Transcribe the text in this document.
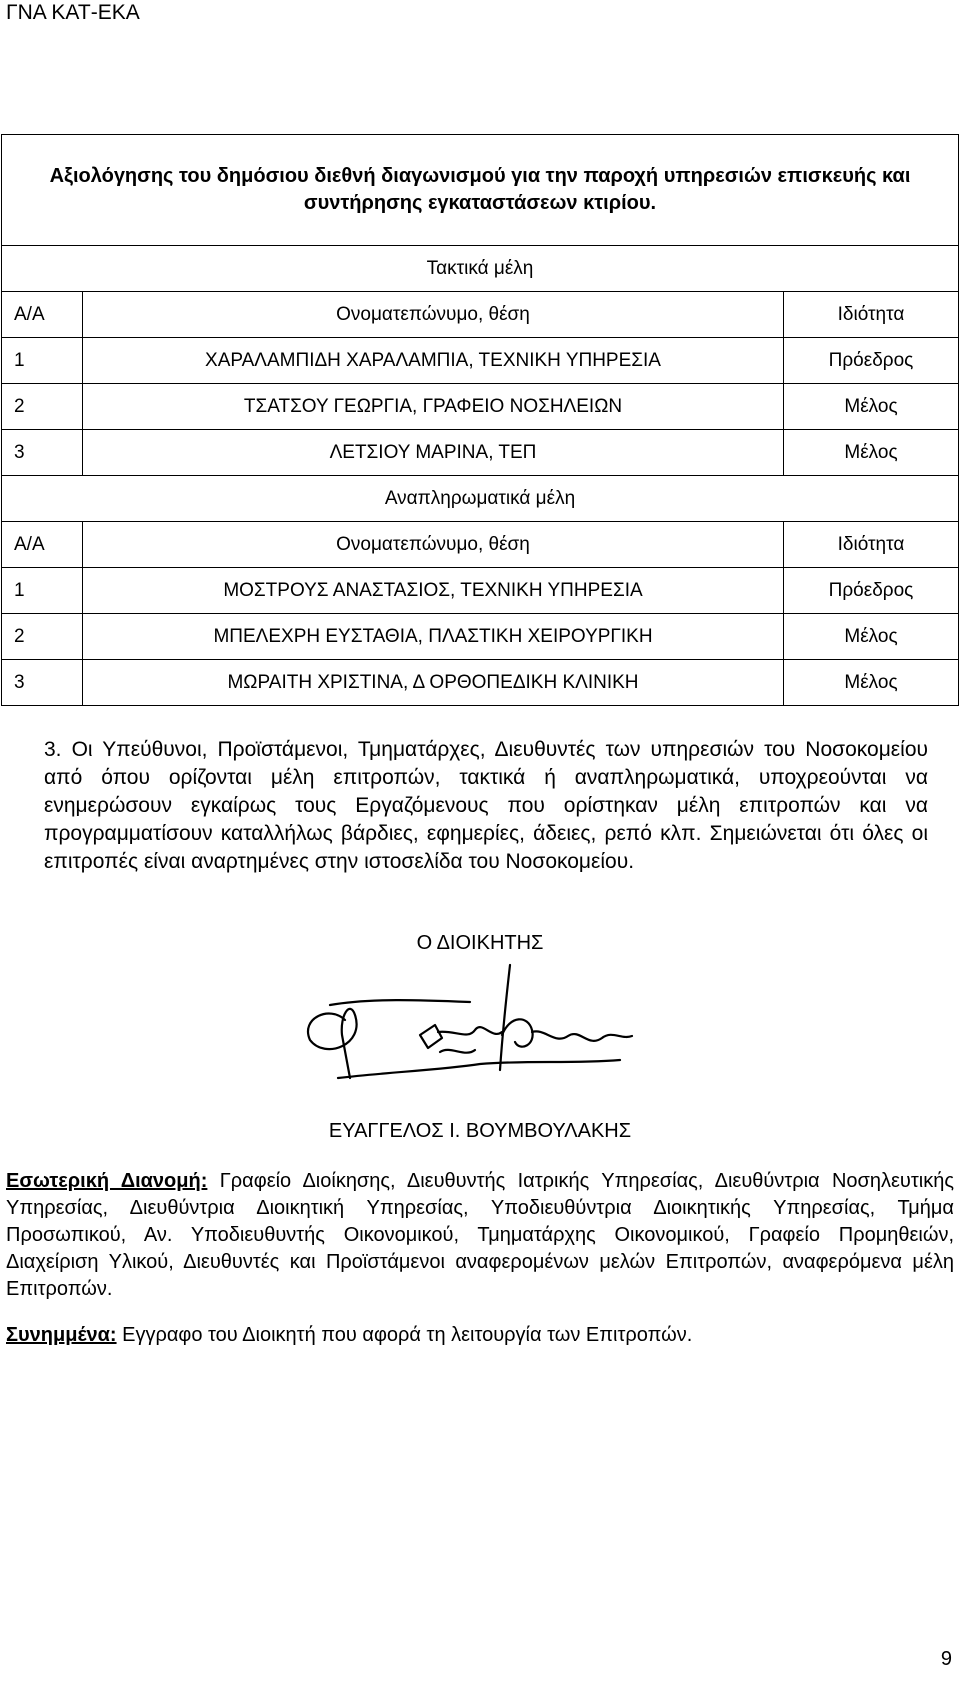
ΓΝΑ ΚΑΤ-ΕΚΑ
Αξιολόγησης του δημόσιου διεθνή διαγωνισμού για την παροχή υπηρεσιών επισκευής και συντήρησης εγκαταστάσεων κτιρίου.		
Τακτικά μέλη		
Α/Α	Ονοματεπώνυμο, θέση	Ιδιότητα
1	ΧΑΡΑΛΑΜΠΙΔΗ ΧΑΡΑΛΑΜΠΙΑ, ΤΕΧΝΙΚΗ ΥΠΗΡΕΣΙΑ	Πρόεδρος
2	ΤΣΑΤΣΟΥ ΓΕΩΡΓΙΑ, ΓΡΑΦΕΙΟ ΝΟΣΗΛΕΙΩΝ	Μέλος
3	ΛΕΤΣΙΟΥ ΜΑΡΙΝΑ, ΤΕΠ	Μέλος
Αναπληρωματικά μέλη		
Α/Α	Ονοματεπώνυμο, θέση	Ιδιότητα
1	ΜΟΣΤΡΟΥΣ ΑΝΑΣΤΑΣΙΟΣ, ΤΕΧΝΙΚΗ ΥΠΗΡΕΣΙΑ	Πρόεδρος
2	ΜΠΕΛΕΧΡΗ ΕΥΣΤΑΘΙΑ, ΠΛΑΣΤΙΚΗ ΧΕΙΡΟΥΡΓΙΚΗ	Μέλος
3	ΜΩΡΑΙΤΗ ΧΡΙΣΤΙΝΑ, Δ ΟΡΘΟΠΕΔΙΚΗ ΚΛΙΝΙΚΗ	Μέλος
3. Οι Υπεύθυνοι, Προϊστάμενοι, Τμηματάρχες, Διευθυντές των υπηρεσιών του Νοσοκομείου από όπου ορίζονται μέλη επιτροπών, τακτικά ή αναπληρωματικά, υποχρεούνται να ενημερώσουν εγκαίρως τους Εργαζόμενους που ορίστηκαν μέλη επιτροπών και να προγραμματίσουν καταλλήλως βάρδιες, εφημερίες, άδειες, ρεπό κλπ. Σημειώνεται ότι όλες οι επιτροπές είναι αναρτημένες στην ιστοσελίδα του Νοσοκομείου.
Ο ΔΙΟΙΚΗΤΗΣ
ΕΥΑΓΓΕΛΟΣ Ι. ΒΟΥΜΒΟΥΛΑΚΗΣ
Εσωτερική Διανομή: Γραφείο Διοίκησης, Διευθυντής Ιατρικής Υπηρεσίας, Διευθύντρια Νοσηλευτικής Υπηρεσίας, Διευθύντρια Διοικητική Υπηρεσίας, Υποδιευθύντρια Διοικητικής Υπηρεσίας, Τμήμα Προσωπικού, Αν. Υποδιευθυντής Οικονομικού, Τμηματάρχης Οικονομικού, Γραφείο Προμηθειών, Διαχείριση Υλικού, Διευθυντές και Προϊστάμενοι αναφερομένων μελών Επιτροπών, αναφερόμενα μέλη Επιτροπών.
Συνημμένα: Εγγραφο του Διοικητή που αφορά τη λειτουργία των Επιτροπών.
9
